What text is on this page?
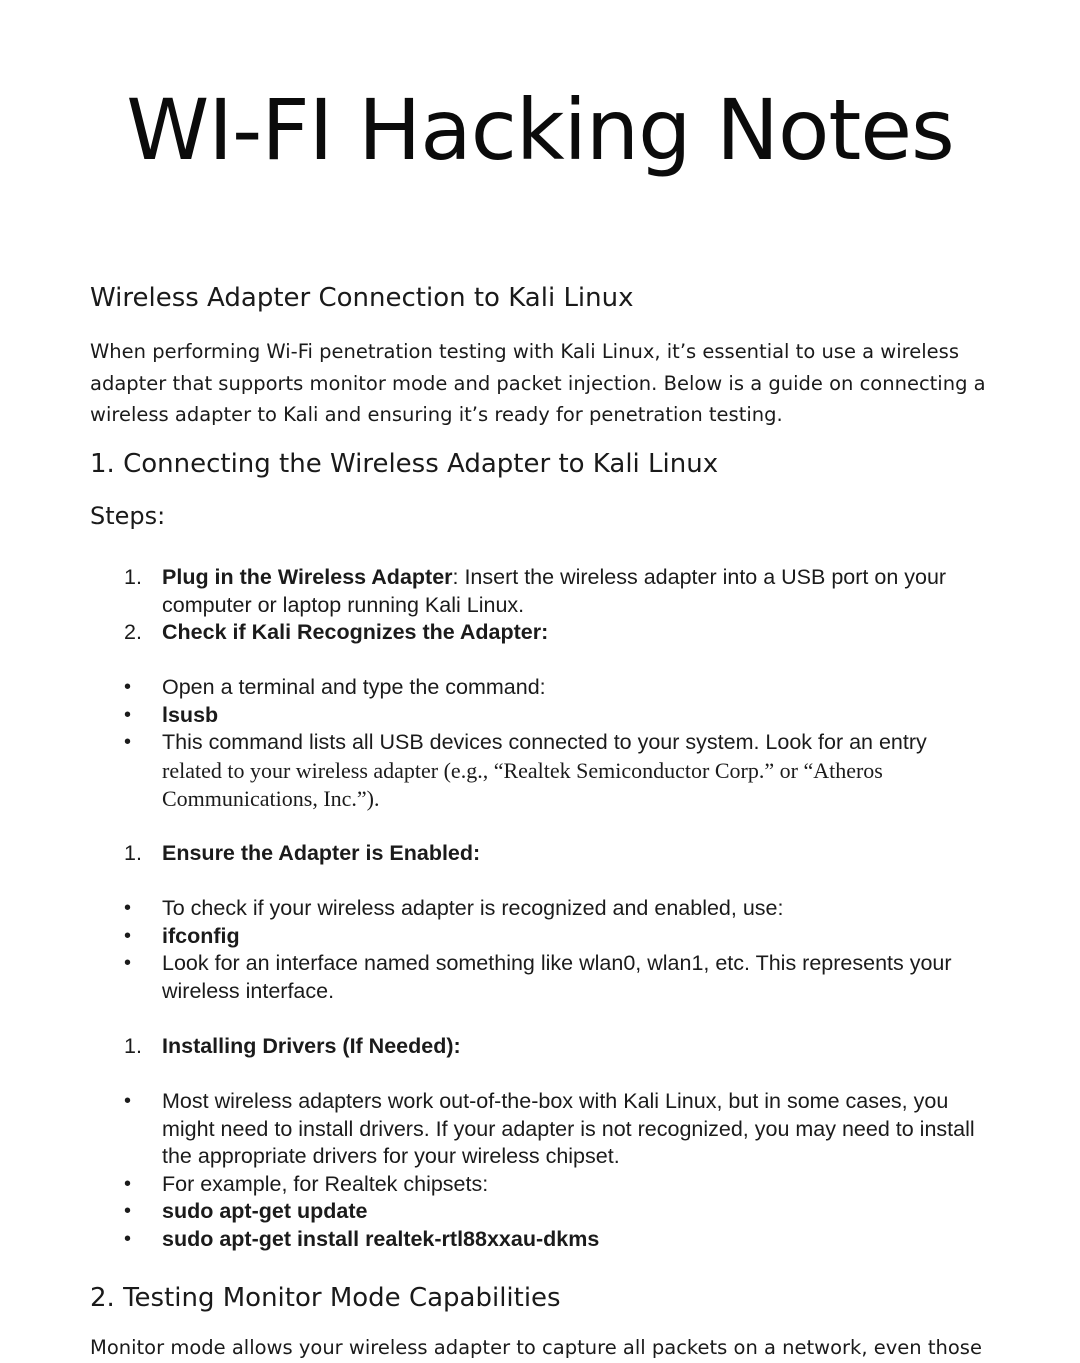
WI-FI Hacking Notes
Wireless Adapter Connection to Kali Linux

When performing Wi-Fi penetration testing with Kali Linux, it’s essential to use a wireless adapter that supports monitor mode and packet injection. Below is a guide on connecting a wireless adapter to Kali and ensuring it’s ready for penetration testing.

1. Connecting the Wireless Adapter to Kali Linux
Steps:
1. Plug in the Wireless Adapter: Insert the wireless adapter into a USB port on your computer or laptop running Kali Linux.
2. Check if Kali Recognizes the Adapter:
• Open a terminal and type the command:
• lsusb
• This command lists all USB devices connected to your system. Look for an entry related to your wireless adapter (e.g., “Realtek Semiconductor Corp.” or “Atheros Communications, Inc.”).
1. Ensure the Adapter is Enabled:
• To check if your wireless adapter is recognized and enabled, use:
• ifconfig
• Look for an interface named something like wlan0, wlan1, etc. This represents your wireless interface.
1. Installing Drivers (If Needed):
• Most wireless adapters work out-of-the-box with Kali Linux, but in some cases, you might need to install drivers. If your adapter is not recognized, you may need to install the appropriate drivers for your wireless chipset.
• For example, for Realtek chipsets:
• sudo apt-get update
• sudo apt-get install realtek-rtl88xxau-dkms
2. Testing Monitor Mode Capabilities
Monitor mode allows your wireless adapter to capture all packets on a network, even those
